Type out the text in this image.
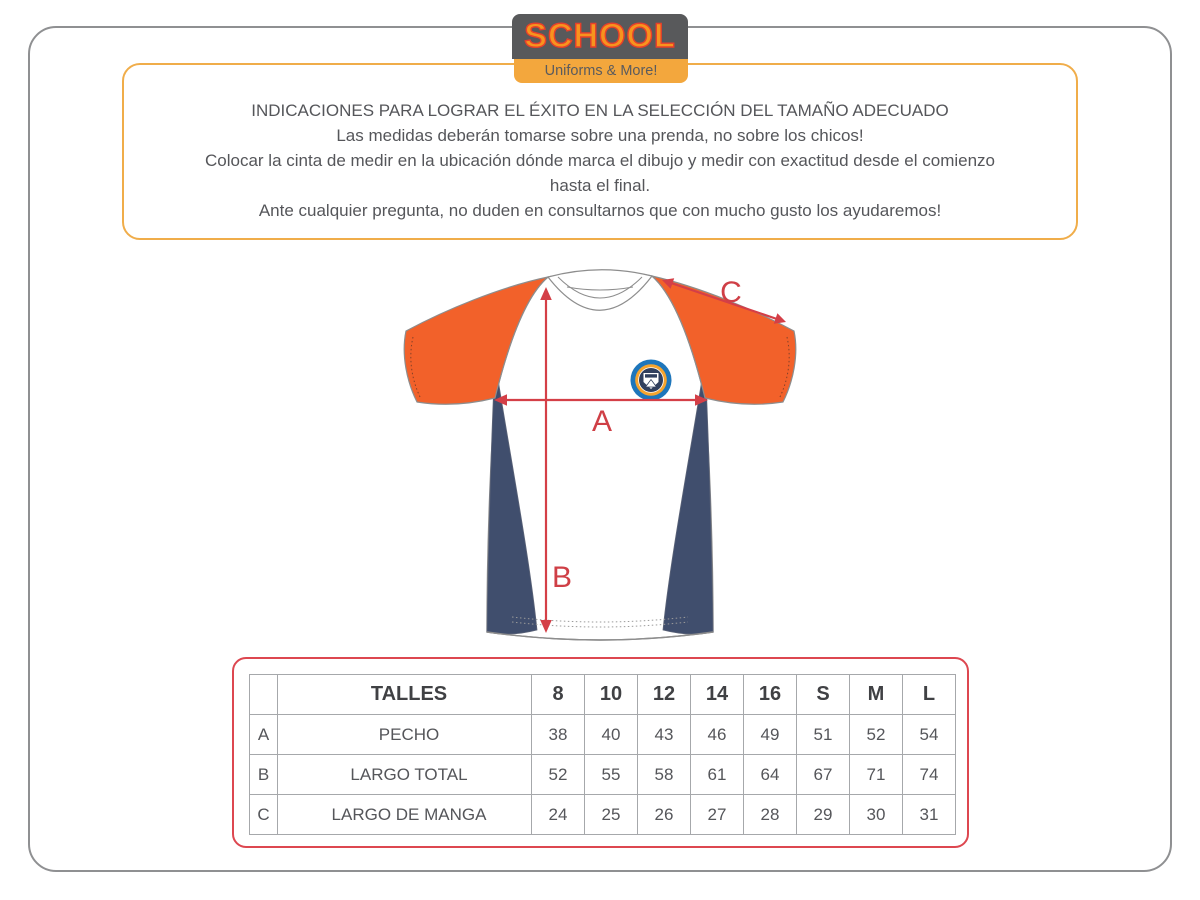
SCHOOL
Uniforms & More!
INDICACIONES PARA LOGRAR EL ÉXITO EN LA SELECCIÓN DEL TAMAÑO ADECUADO
Las medidas deberán tomarse sobre una prenda, no sobre los chicos!
Colocar la cinta de medir en la ubicación dónde marca el dibujo y medir con exactitud desde el comienzo
hasta el final.
Ante cualquier pregunta, no duden en consultarnos que con mucho gusto los ayudaremos!
A
B
C
	TALLES	8	10	12	14	16	S	M	L
A	PECHO	38	40	43	46	49	51	52	54
B	LARGO TOTAL	52	55	58	61	64	67	71	74
C	LARGO DE MANGA	24	25	26	27	28	29	30	31
